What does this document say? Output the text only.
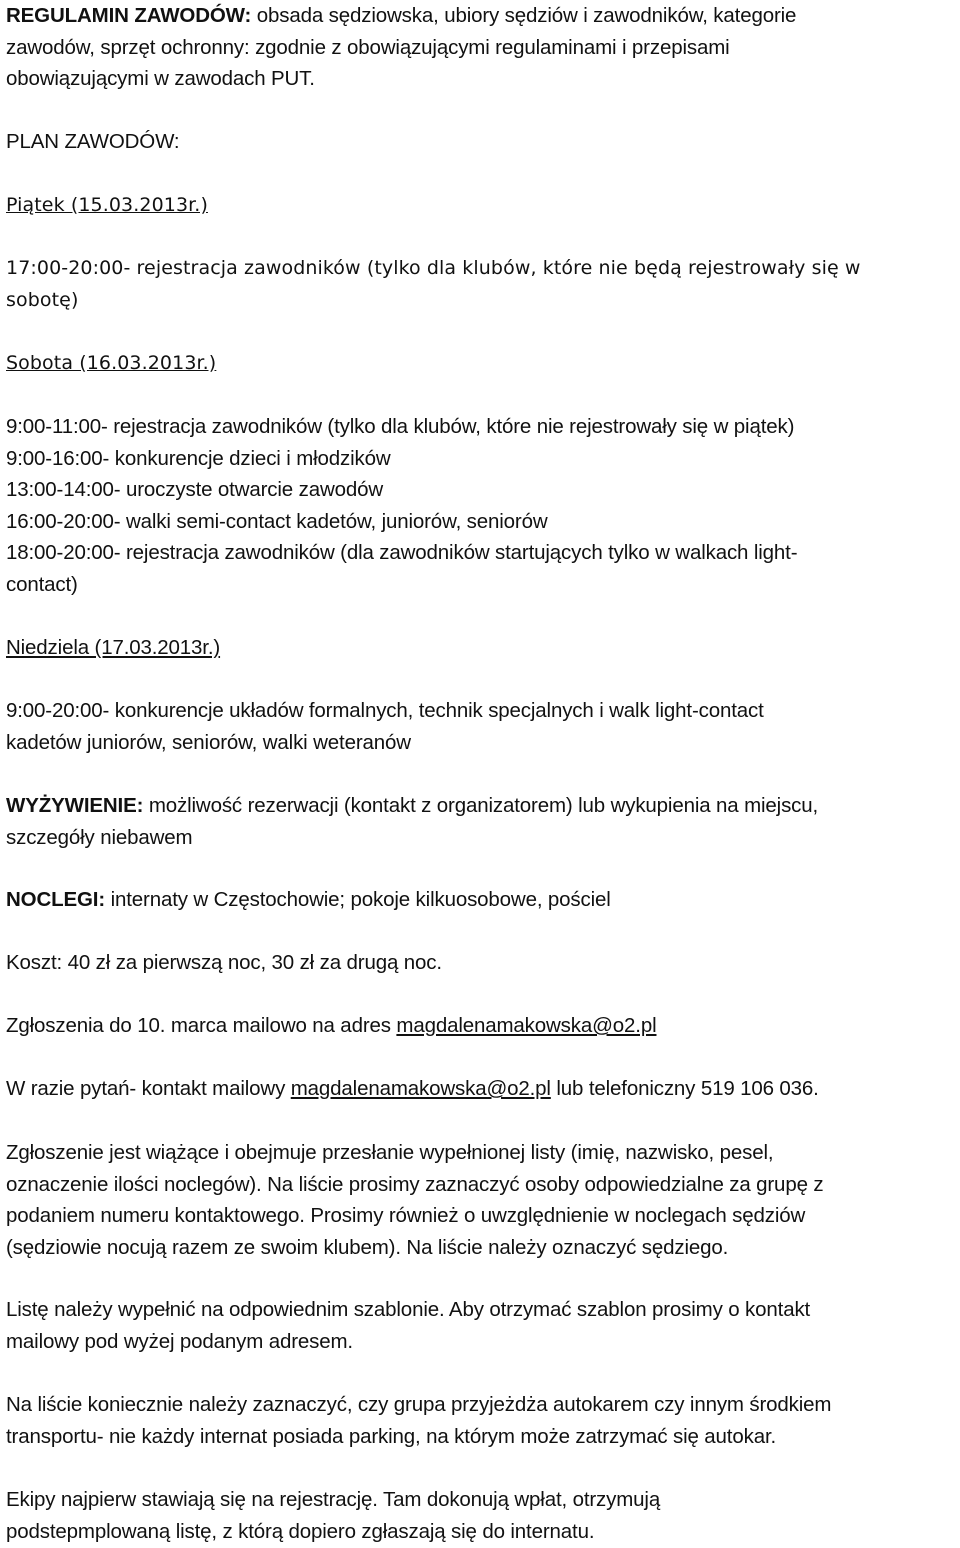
REGULAMIN ZAWODÓW: obsada sędziowska, ubiory sędziów i zawodników, kategorie
zawodów, sprzęt ochronny: zgodnie z obowiązującymi regulaminami i przepisami
obowiązującymi w zawodach PUT.
PLAN ZAWODÓW:
Piątek (15.03.2013r.)
17:00-20:00- rejestracja zawodników (tylko dla klubów, które nie będą rejestrowały się w
sobotę)
Sobota (16.03.2013r.)
9:00-11:00- rejestracja zawodników (tylko dla klubów, które nie rejestrowały się w piątek)
9:00-16:00- konkurencje dzieci i młodzików
13:00-14:00- uroczyste otwarcie zawodów
16:00-20:00- walki semi-contact kadetów, juniorów, seniorów
18:00-20:00- rejestracja zawodników (dla zawodników startujących tylko w walkach light-
contact)
Niedziela (17.03.2013r.)
9:00-20:00- konkurencje układów formalnych, technik specjalnych i walk light-contact
kadetów juniorów, seniorów, walki weteranów
WYŻYWIENIE: możliwość rezerwacji (kontakt z organizatorem) lub wykupienia na miejscu,
szczegóły niebawem
NOCLEGI: internaty w Częstochowie; pokoje kilkuosobowe, pościel
Koszt: 40 zł za pierwszą noc, 30 zł za drugą noc.
Zgłoszenia do 10. marca mailowo na adres magdalenamakowska@o2.pl
W razie pytań- kontakt mailowy magdalenamakowska@o2.pl lub telefoniczny 519 106 036.
Zgłoszenie jest wiążące i obejmuje przesłanie wypełnionej listy (imię, nazwisko, pesel,
oznaczenie ilości noclegów). Na liście prosimy zaznaczyć osoby odpowiedzialne za grupę z
podaniem numeru kontaktowego. Prosimy również o uwzględnienie w noclegach sędziów
(sędziowie nocują razem ze swoim klubem). Na liście należy oznaczyć sędziego.
Listę należy wypełnić na odpowiednim szablonie. Aby otrzymać szablon prosimy o kontakt
mailowy pod wyżej podanym adresem.
Na liście koniecznie należy zaznaczyć, czy grupa przyjeżdża autokarem czy innym środkiem
transportu- nie każdy internat posiada parking, na którym może zatrzymać się autokar.
Ekipy najpierw stawiają się na rejestrację. Tam dokonują wpłat, otrzymują
podstepmplowaną listę, z którą dopiero zgłaszają się do internatu.
